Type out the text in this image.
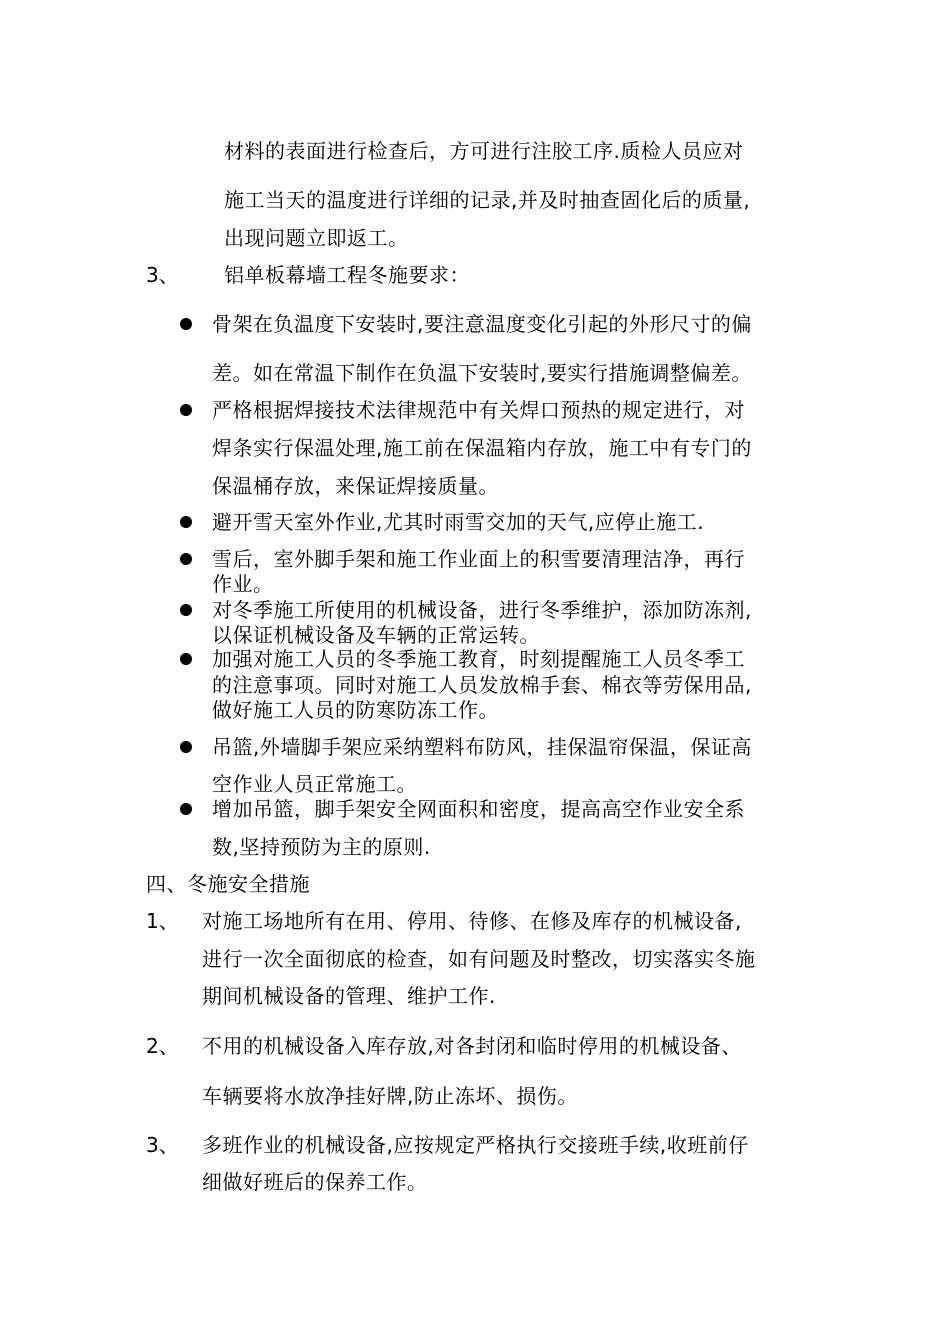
材料的表面进行检查后，方可进行注胶工序.质检人员应对
施工当天的温度进行详细的记录,并及时抽查固化后的质量,
出现问题立即返工。
3、 铝单板幕墙工程冬施要求：
骨架在负温度下安装时,要注意温度变化引起的外形尺寸的偏
差。如在常温下制作在负温下安装时,要实行措施调整偏差。
严格根据焊接技术法律规范中有关焊口预热的规定进行，对
焊条实行保温处理,施工前在保温箱内存放，施工中有专门的
保温桶存放，来保证焊接质量。
避开雪天室外作业,尤其时雨雪交加的天气,应停止施工.
雪后，室外脚手架和施工作业面上的积雪要清理洁净，再行
作业。
对冬季施工所使用的机械设备，进行冬季维护，添加防冻剂,
以保证机械设备及车辆的正常运转。
加强对施工人员的冬季施工教育，时刻提醒施工人员冬季工
的注意事项。同时对施工人员发放棉手套、棉衣等劳保用品,
做好施工人员的防寒防冻工作。
吊篮,外墙脚手架应采纳塑料布防风，挂保温帘保温，保证高
空作业人员正常施工。
增加吊篮，脚手架安全网面积和密度，提高高空作业安全系
数,坚持预防为主的原则.
四、冬施安全措施
1、 对施工场地所有在用、停用、待修、在修及库存的机械设备,
进行一次全面彻底的检查，如有问题及时整改，切实落实冬施
期间机械设备的管理、维护工作.
2、 不用的机械设备入库存放,对各封闭和临时停用的机械设备、
车辆要将水放净挂好牌,防止冻坏、损伤。
3、 多班作业的机械设备,应按规定严格执行交接班手续,收班前仔
细做好班后的保养工作。
